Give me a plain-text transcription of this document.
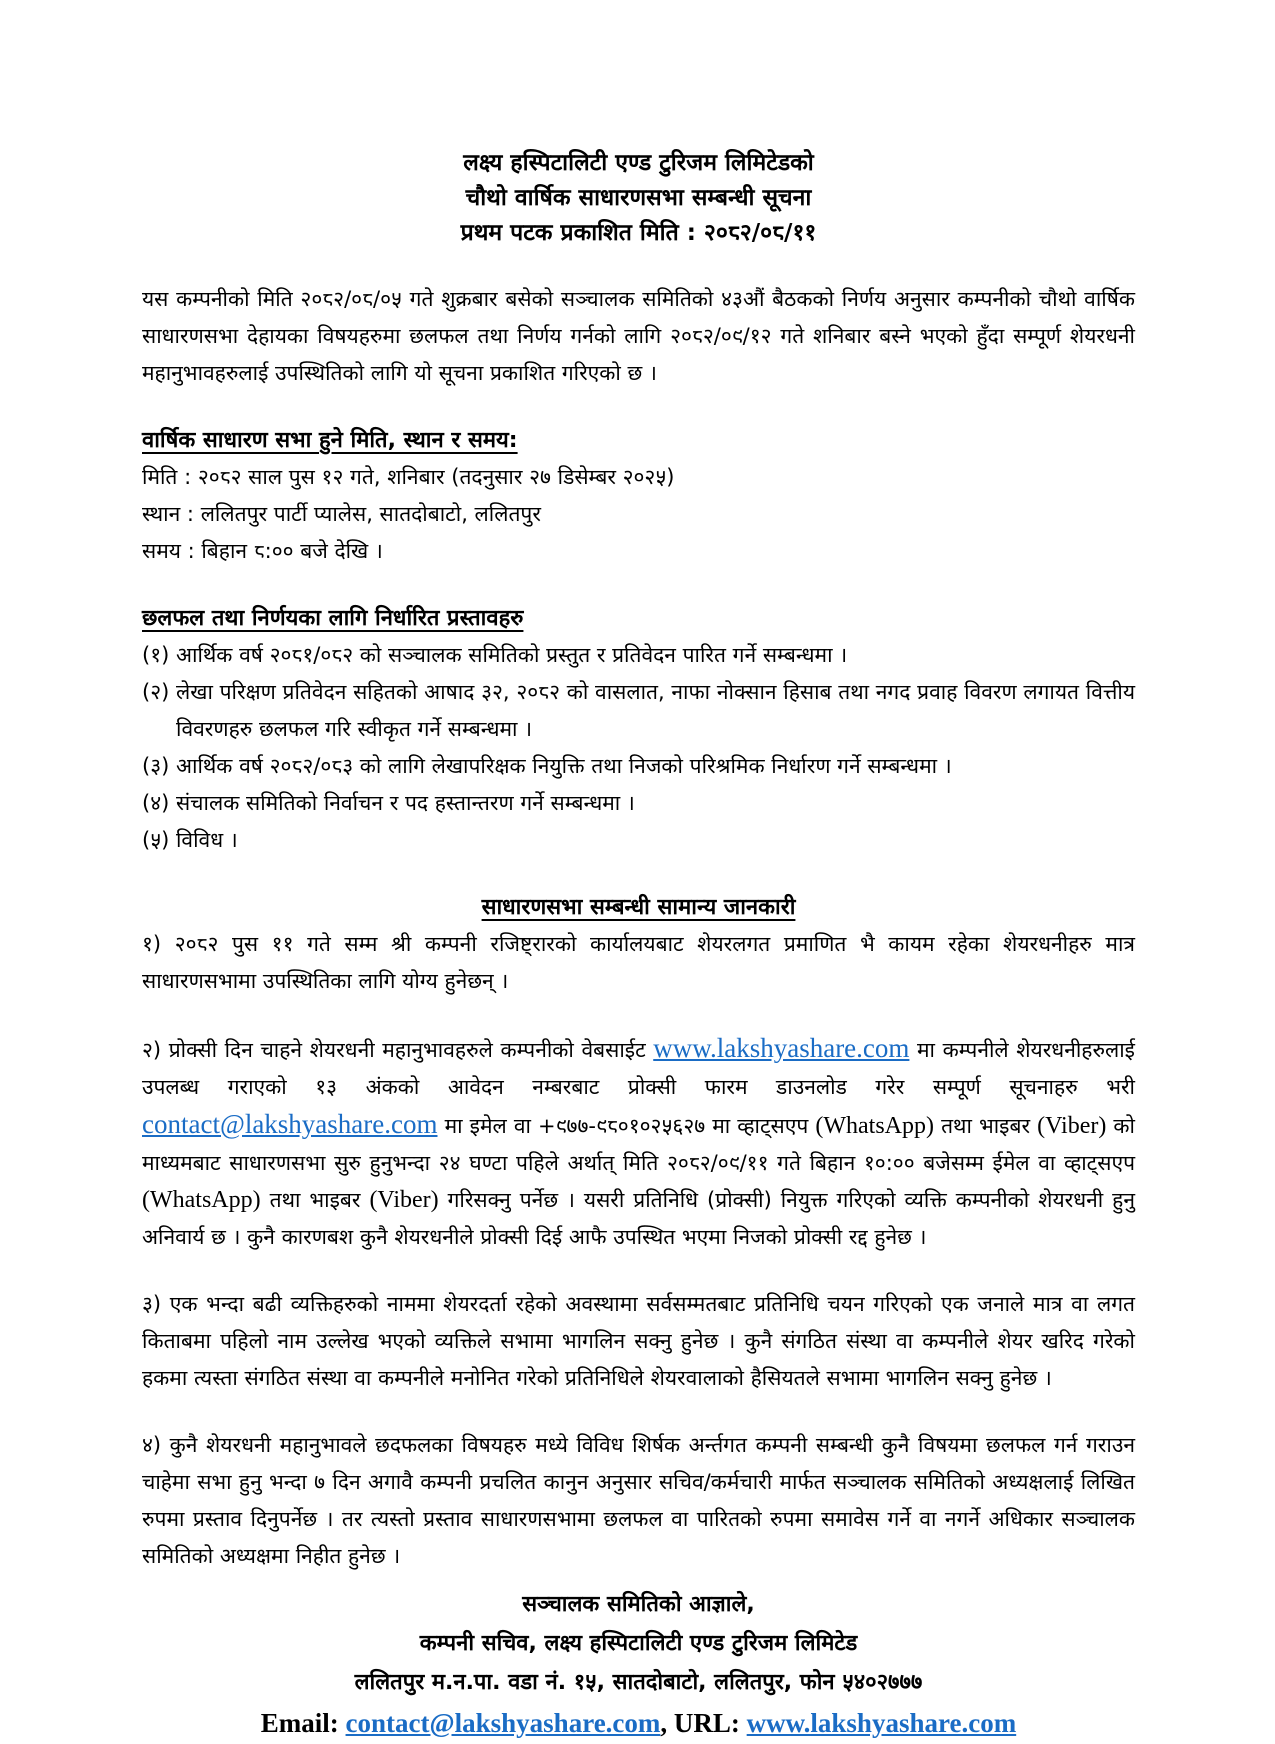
लक्ष्य हस्पिटालिटी एण्ड टुरिजम लिमिटेडको
चौथो वार्षिक साधारणसभा सम्बन्धी सूचना
प्रथम पटक प्रकाशित मिति : २०८२/०८/११

यस कम्पनीको मिति २०८२/०८/०५ गते शुक्रबार बसेको सञ्चालक समितिको ४३औं बैठकको निर्णय अनुसार कम्पनीको चौथो वार्षिक साधारणसभा देहायका विषयहरुमा छलफल तथा निर्णय गर्नको लागि २०८२/०९/१२ गते शनिबार बस्ने भएको हुँदा सम्पूर्ण शेयरधनी महानुभावहरुलाई उपस्थितिको लागि यो सूचना प्रकाशित गरिएको छ ।

वार्षिक साधारण सभा हुने मिति, स्थान र समय:
मिति : २०८२ साल पुस १२ गते, शनिबार (तदनुसार २७ डिसेम्बर २०२५)
स्थान : ललितपुर पार्टी प्यालेस, सातदोबाटो, ललितपुर
समय : बिहान ८:०० बजे देखि ।
छलफल तथा निर्णयका लागि निर्धारित प्रस्तावहरु
(१) आर्थिक वर्ष २०८१/०८२ को सञ्चालक समितिको प्रस्तुत र प्रतिवेदन पारित गर्ने सम्बन्धमा ।
(२) लेखा परिक्षण प्रतिवेदन सहितको आषाद ३२, २०८२ को वासलात, नाफा नोक्सान हिसाब तथा नगद प्रवाह विवरण लगायत वित्तीय विवरणहरु छलफल गरि स्वीकृत गर्ने सम्बन्धमा ।
(३) आर्थिक वर्ष २०८२/०८३ को लागि लेखापरिक्षक नियुक्ति तथा निजको परिश्रमिक निर्धारण गर्ने सम्बन्धमा ।
(४) संचालक समितिको निर्वाचन र पद हस्तान्तरण गर्ने सम्बन्धमा ।
(५) विविध ।
साधारणसभा सम्बन्धी सामान्य जानकारी

१) २०८२ पुस ११ गते सम्म श्री कम्पनी रजिष्ट्रारको कार्यालयबाट शेयरलगत प्रमाणित भै कायम रहेका शेयरधनीहरु मात्र साधारणसभामा उपस्थितिका लागि योग्य हुनेछन् ।

२) प्रोक्सी दिन चाहने शेयरधनी महानुभावहरुले कम्पनीको वेबसाईट www.lakshyashare.com मा कम्पनीले शेयरधनीहरुलाई उपलब्ध गराएको १३ अंकको आवेदन नम्बरबाट प्रोक्सी फारम डाउनलोड गरेर सम्पूर्ण सूचनाहरु भरी contact@lakshyashare.com मा इमेल वा +९७७-९८०१०२५६२७ मा व्हाट्सएप (WhatsApp) तथा भाइबर (Viber) को माध्यमबाट साधारणसभा सुरु हुनुभन्दा २४ घण्टा पहिले अर्थात् मिति २०८२/०९/११ गते बिहान १०:०० बजेसम्म ईमेल वा व्हाट्सएप (WhatsApp) तथा भाइबर (Viber) गरिसक्नु पर्नेछ । यसरी प्रतिनिधि (प्रोक्सी) नियुक्त गरिएको व्यक्ति कम्पनीको शेयरधनी हुनु अनिवार्य छ । कुनै कारणबश कुनै शेयरधनीले प्रोक्सी दिई आफै उपस्थित भएमा निजको प्रोक्सी रद्द हुनेछ ।

३) एक भन्दा बढी व्यक्तिहरुको नाममा शेयरदर्ता रहेको अवस्थामा सर्वसम्मतबाट प्रतिनिधि चयन गरिएको एक जनाले मात्र वा लगत किताबमा पहिलो नाम उल्लेख भएको व्यक्तिले सभामा भागलिन सक्नु हुनेछ । कुनै संगठित संस्था वा कम्पनीले शेयर खरिद गरेको हकमा त्यस्ता संगठित संस्था वा कम्पनीले मनोनित गरेको प्रतिनिधिले शेयरवालाको हैसियतले सभामा भागलिन सक्नु हुनेछ ।

४) कुनै शेयरधनी महानुभावले छदफलका विषयहरु मध्ये विविध शिर्षक अर्न्तगत कम्पनी सम्बन्धी कुनै विषयमा छलफल गर्न गराउन चाहेमा सभा हुनु भन्दा ७ दिन अगावै कम्पनी प्रचलित कानुन अनुसार सचिव/कर्मचारी मार्फत सञ्चालक समितिको अध्यक्षलाई लिखित रुपमा प्रस्ताव दिनुपर्नेछ । तर त्यस्तो प्रस्ताव साधारणसभामा छलफल वा पारितको रुपमा समावेस गर्ने वा नगर्ने अधिकार सञ्चालक समितिको अध्यक्षमा निहीत हुनेछ ।

सञ्चालक समितिको आज्ञाले,
कम्पनी सचिव, लक्ष्य हस्पिटालिटी एण्ड टुरिजम लिमिटेड
ललितपुर म.न.पा. वडा नं. १५, सातदोबाटो, ललितपुर, फोन ५४०२७७७
Email: contact@lakshyashare.com, URL: www.lakshyashare.com
